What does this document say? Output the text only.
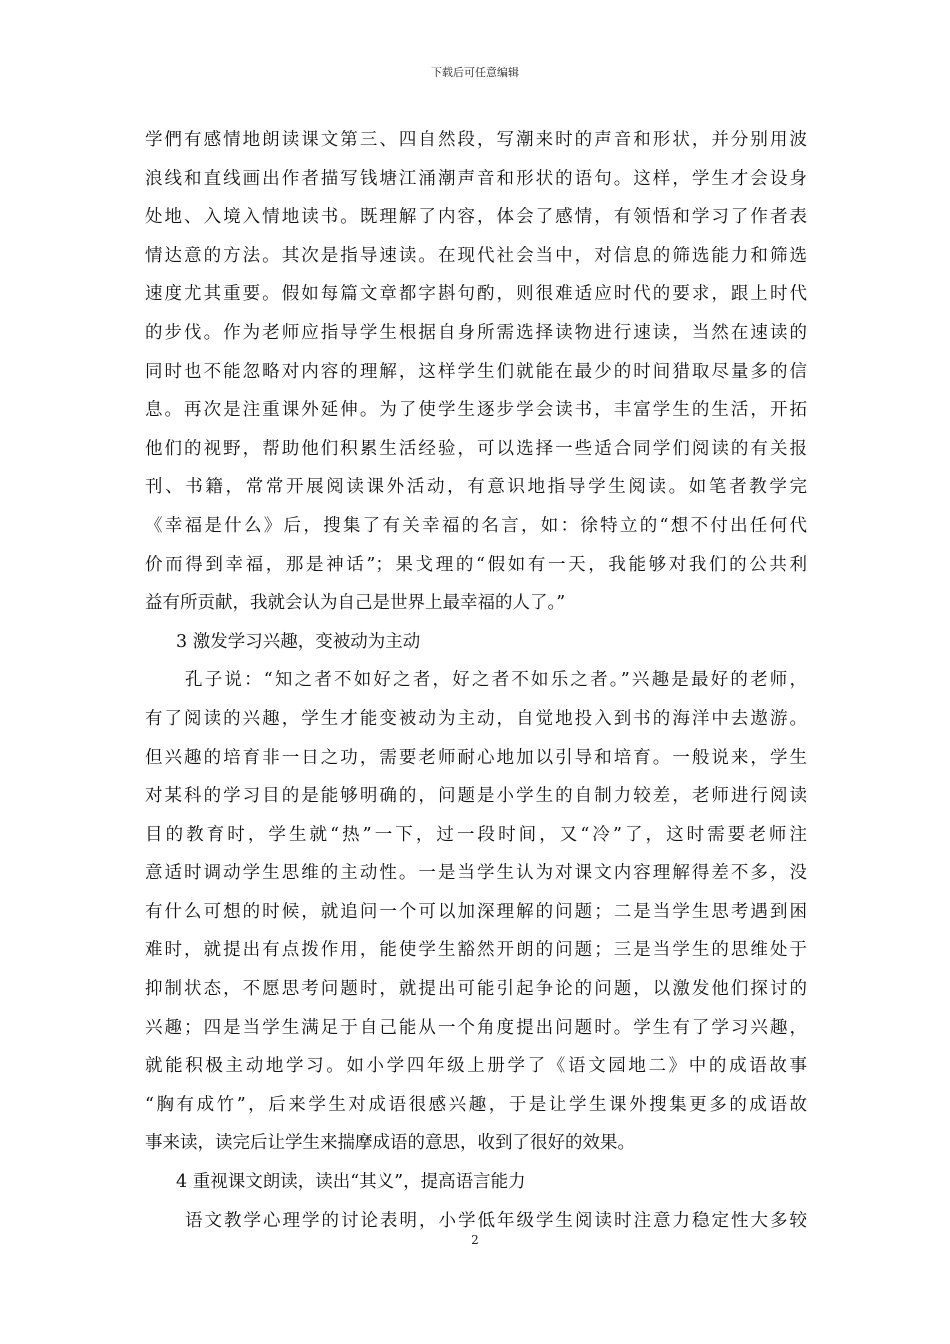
下载后可任意编辑
学們有感情地朗读课文第三、四自然段，写潮来时的声音和形状，并分别用波
浪线和直线画出作者描写钱塘江涌潮声音和形状的语句。这样，学生才会设身
处地、入境入情地读书。既理解了内容，体会了感情，有领悟和学习了作者表
情达意的方法。其次是指导速读。在现代社会当中，对信息的筛选能力和筛选
速度尤其重要。假如每篇文章都字斟句酌，则很难适应时代的要求，跟上时代
的步伐。作为老师应指导学生根据自身所需选择读物进行速读，当然在速读的
同时也不能忽略对内容的理解，这样学生们就能在最少的时间猎取尽量多的信
息。再次是注重课外延伸。为了使学生逐步学会读书，丰富学生的生活，开拓
他们的视野，帮助他们积累生活经验，可以选择一些适合同学们阅读的有关报
刊、书籍，常常开展阅读课外活动，有意识地指导学生阅读。如笔者教学完
《幸福是什么》后，搜集了有关幸福的名言，如：徐特立的“想不付出任何代
价而得到幸福，那是神话”；果戈理的“假如有一天，我能够对我们的公共利
益有所贡献，我就会认为自己是世界上最幸福的人了。”
3 激发学习兴趣，变被动为主动
孔子说：“知之者不如好之者，好之者不如乐之者。”兴趣是最好的老师，
有了阅读的兴趣，学生才能变被动为主动，自觉地投入到书的海洋中去遨游。
但兴趣的培育非一日之功，需要老师耐心地加以引导和培育。一般说来，学生
对某科的学习目的是能够明确的，问题是小学生的自制力较差，老师进行阅读
目的教育时，学生就“热”一下，过一段时间，又“冷”了，这时需要老师注
意适时调动学生思维的主动性。一是当学生认为对课文内容理解得差不多，没
有什么可想的时候，就追问一个可以加深理解的问题；二是当学生思考遇到困
难时，就提出有点拨作用，能使学生豁然开朗的问题；三是当学生的思维处于
抑制状态，不愿思考问题时，就提出可能引起争论的问题，以激发他们探讨的
兴趣；四是当学生满足于自己能从一个角度提出问题时。学生有了学习兴趣，
就能积极主动地学习。如小学四年级上册学了《语文园地二》中的成语故事
“胸有成竹”，后来学生对成语很感兴趣，于是让学生课外搜集更多的成语故
事来读，读完后让学生来揣摩成语的意思，收到了很好的效果。
4 重视课文朗读，读出“其义”，提高语言能力
语文教学心理学的讨论表明，小学低年级学生阅读时注意力稳定性大多较
2
